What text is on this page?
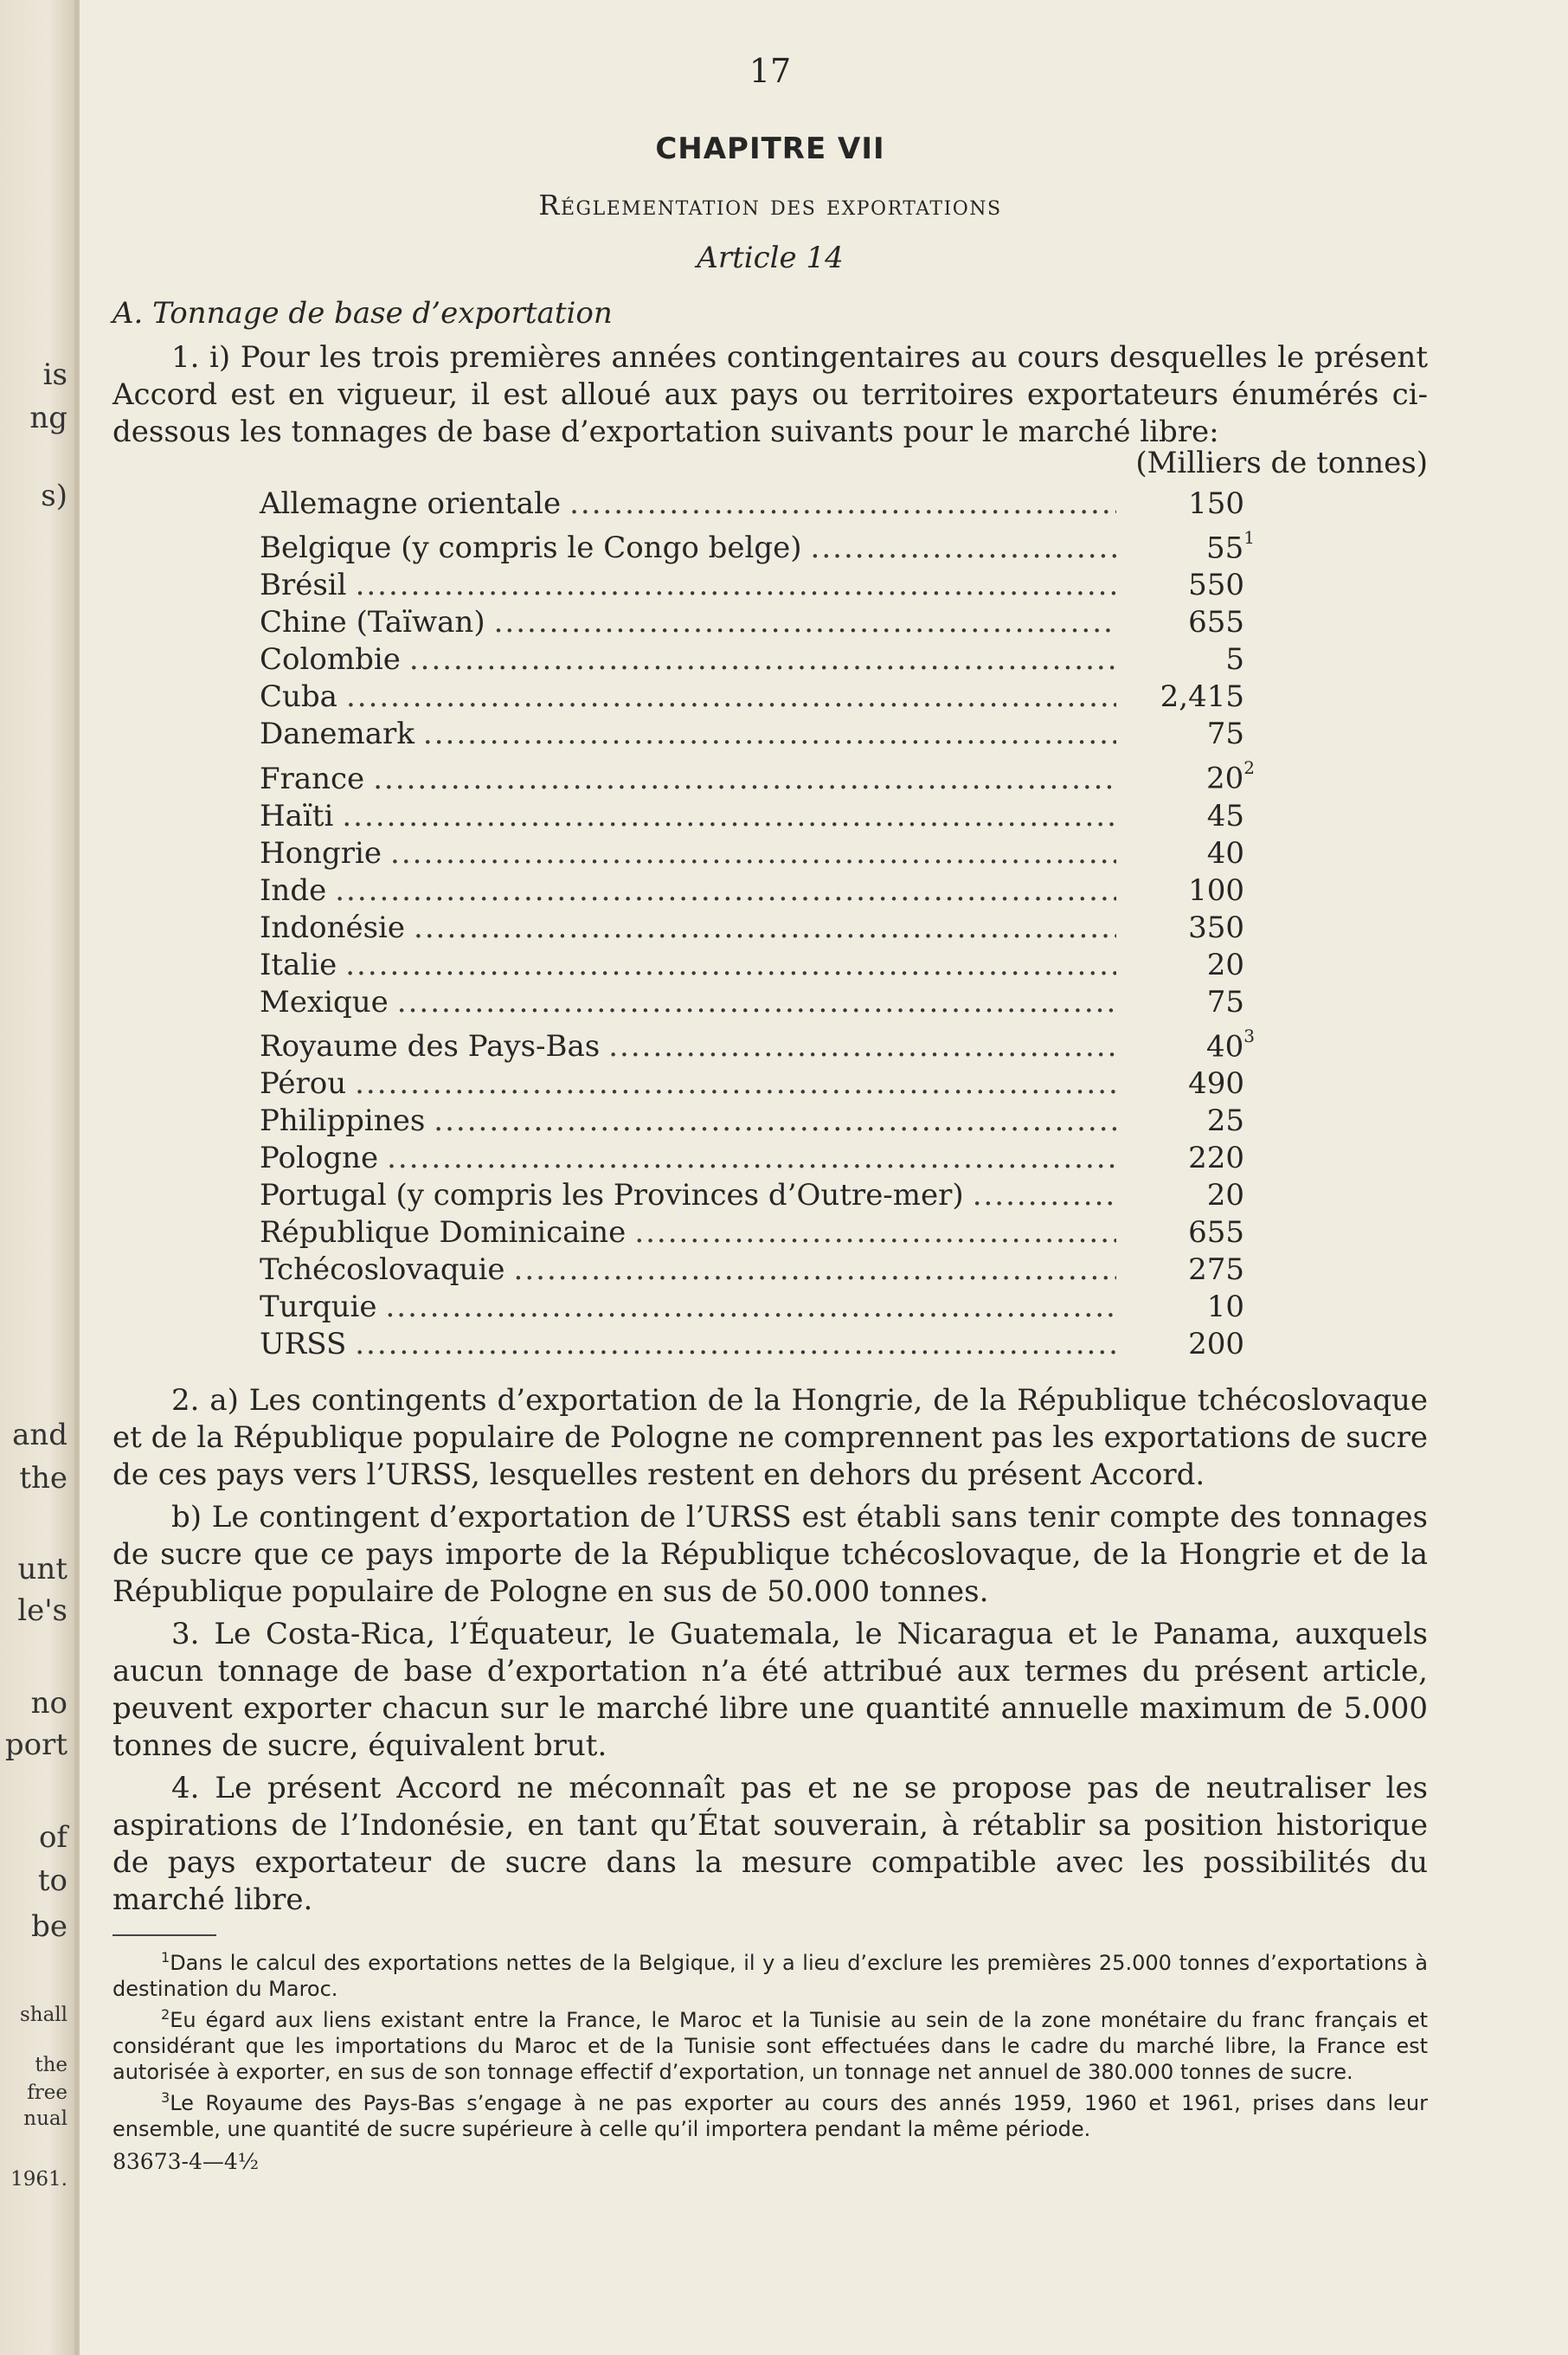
is
ng
s)
and
the
unt
le's
no
port
of
to
be
shall
the
free
nual
1961.
17
CHAPITRE VII
Réglementation des exportations
Article 14
A. Tonnage de base d’exportation

1. i) Pour les trois premières années contingentaires au cours desquelles le présent Accord est en vigueur, il est alloué aux pays ou territoires exportateurs énumérés ci-dessous les tonnages de base d’exportation suivants pour le marché libre:

(Milliers de tonnes)
Allemagne orientale .....	150
Belgique (y compris le Congo belge) .....	$55^1$
Brésil .....	550
Chine (Taïwan) .....	655
Colombie .....	5
Cuba .....	2,415
Danemark .....	75
France .....	$20^2$
Haïti .....	45
Hongrie .....	40
Inde .....	100
Indonésie .....	350
Italie .....	20
Mexique .....	75
Royaume des Pays-Bas .....	$40^3$
Pérou .....	490
Philippines .....	25
Pologne .....	220
Portugal (y compris les Provinces d’Outre-mer) .....	20
République Dominicaine .....	655
Tchécoslovaquie .....	275
Turquie .....	10
URSS .....	200

2. a) Les contingents d’exportation de la Hongrie, de la République tchécoslovaque et de la République populaire de Pologne ne comprennent pas les exportations de sucre de ces pays vers l’URSS, lesquelles restent en dehors du présent Accord.

b) Le contingent d’exportation de l’URSS est établi sans tenir compte des tonnages de sucre que ce pays importe de la République tchécoslovaque, de la Hongrie et de la République populaire de Pologne en sus de 50.000 tonnes.

3. Le Costa-Rica, l’Équateur, le Guatemala, le Nicaragua et le Panama, auxquels aucun tonnage de base d’exportation n’a été attribué aux termes du présent article, peuvent exporter chacun sur le marché libre une quantité annuelle maximum de 5.000 tonnes de sucre, équivalent brut.

4. Le présent Accord ne méconnaît pas et ne se propose pas de neutraliser les aspirations de l’Indonésie, en tant qu’État souverain, à rétablir sa position historique de pays exportateur de sucre dans la mesure compatible avec les possibilités du marché libre.

$^1$Dans le calcul des exportations nettes de la Belgique, il y a lieu d’exclure les premières 25.000 tonnes d’exportations à destination du Maroc.
$^2$Eu égard aux liens existant entre la France, le Maroc et la Tunisie au sein de la zone monétaire du franc français et considérant que les importations du Maroc et de la Tunisie sont effectuées dans le cadre du marché libre, la France est autorisée à exporter, en sus de son tonnage effectif d’exportation, un tonnage net annuel de 380.000 tonnes de sucre.
$^3$Le Royaume des Pays-Bas s’engage à ne pas exporter au cours des annés 1959, 1960 et 1961, prises dans leur ensemble, une quantité de sucre supérieure à celle qu’il importera pendant la même période.
83673-4—4½
